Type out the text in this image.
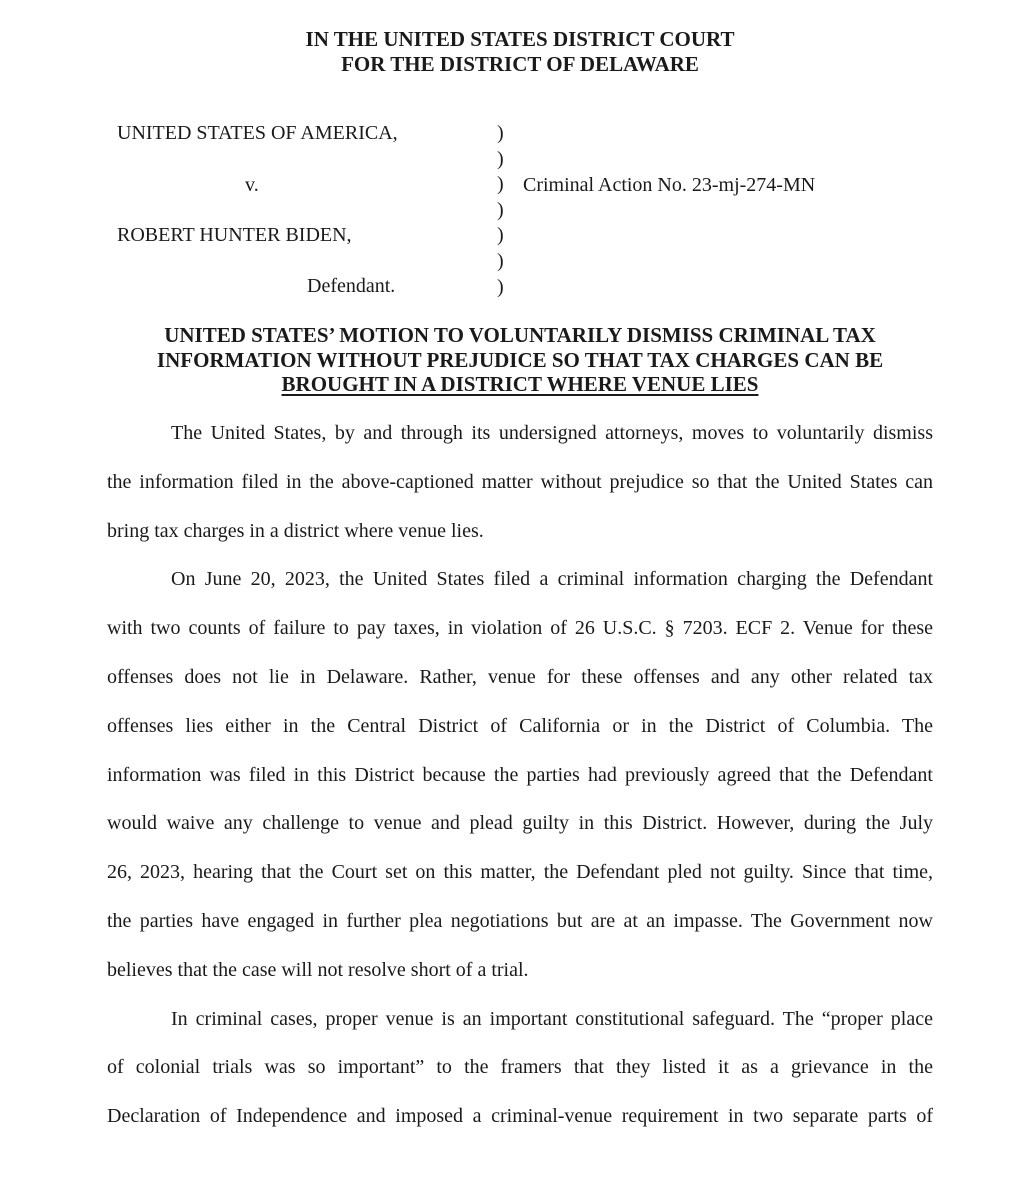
IN THE UNITED STATES DISTRICT COURT
FOR THE DISTRICT OF DELAWARE
UNITED STATES OF AMERICA,
v.
ROBERT HUNTER BIDEN,
Defendant.
)
)
)
)
)
)
)
Criminal Action No. 23-mj-274-MN
UNITED STATES’ MOTION TO VOLUNTARILY DISMISS CRIMINAL TAX
INFORMATION WITHOUT PREJUDICE SO THAT TAX CHARGES CAN BE
BROUGHT IN A DISTRICT WHERE VENUE LIES
The United States, by and through its undersigned attorneys, moves to voluntarily dismiss
the information filed in the above-captioned matter without prejudice so that the United States can
bring tax charges in a district where venue lies.
On June 20, 2023, the United States filed a criminal information charging the Defendant
with two counts of failure to pay taxes, in violation of 26 U.S.C. § 7203. ECF 2. Venue for these
offenses does not lie in Delaware. Rather, venue for these offenses and any other related tax
offenses lies either in the Central District of California or in the District of Columbia. The
information was filed in this District because the parties had previously agreed that the Defendant
would waive any challenge to venue and plead guilty in this District. However, during the July
26, 2023, hearing that the Court set on this matter, the Defendant pled not guilty. Since that time,
the parties have engaged in further plea negotiations but are at an impasse. The Government now
believes that the case will not resolve short of a trial.
In criminal cases, proper venue is an important constitutional safeguard. The “proper place
of colonial trials was so important” to the framers that they listed it as a grievance in the
Declaration of Independence and imposed a criminal-venue requirement in two separate parts of
